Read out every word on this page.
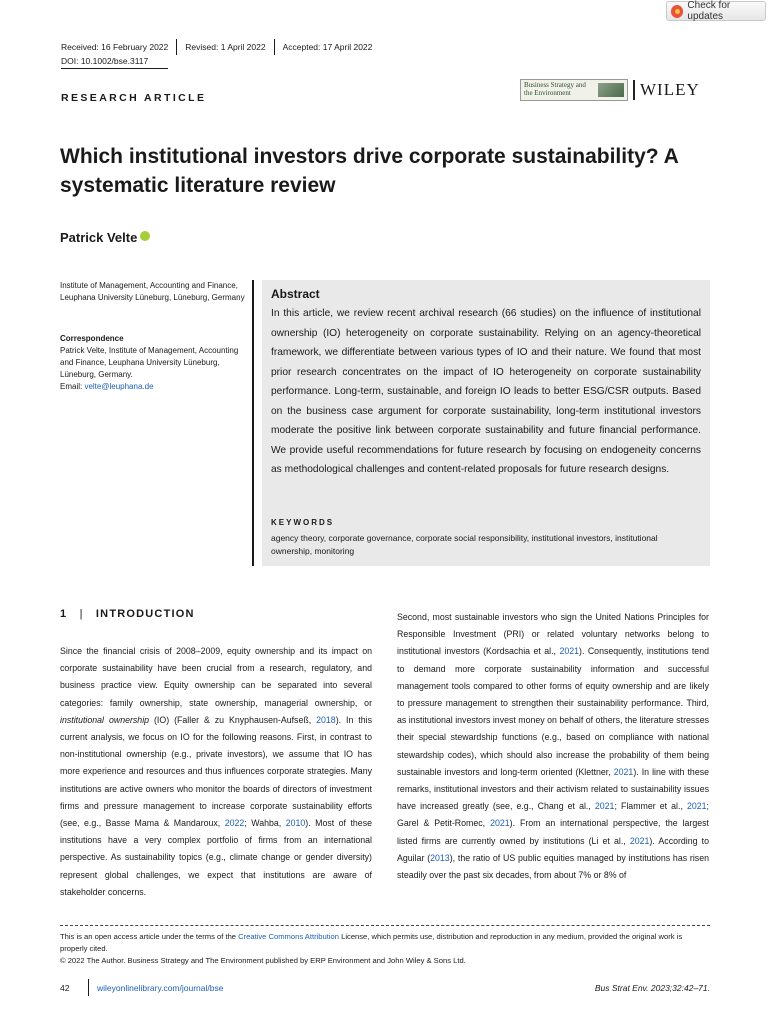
Check for updates
Received: 16 February 2022 Revised: 1 April 2022 Accepted: 17 April 2022
DOI: 10.1002/bse.3117
RESEARCH ARTICLE
Business Strategy and the Environment	WILEY
Which institutional investors drive corporate sustainability? A systematic literature review
Patrick Velte
Institute of Management, Accounting and Finance, Leuphana University Lüneburg, Lüneburg, Germany
Correspondence
Patrick Velte, Institute of Management, Accounting and Finance, Leuphana University Lüneburg, Lüneburg, Germany.
Email: velte@leuphana.de
Abstract
In this article, we review recent archival research (66 studies) on the influence of institutional ownership (IO) heterogeneity on corporate sustainability. Relying on an agency-theoretical framework, we differentiate between various types of IO and their nature. We found that most prior research concentrates on the impact of IO heterogeneity on corporate sustainability performance. Long-term, sustainable, and foreign IO leads to better ESG/CSR outputs. Based on the business case argument for corporate sustainability, long-term institutional investors moderate the positive link between corporate sustainability and future financial performance. We provide useful recommendations for future research by focusing on endogeneity concerns as methodological challenges and content-related proposals for future research designs.
KEYWORDS
agency theory, corporate governance, corporate social responsibility, institutional investors, institutional ownership, monitoring
1 | INTRODUCTION
Since the financial crisis of 2008–2009, equity ownership and its impact on corporate sustainability have been crucial from a research, regulatory, and business practice view. Equity ownership can be separated into several categories: family ownership, state ownership, managerial ownership, or institutional ownership (IO) (Faller & zu Knyphausen-Aufseß, 2018). In this current analysis, we focus on IO for the following reasons. First, in contrast to non-institutional ownership (e.g., private investors), we assume that IO has more experience and resources and thus influences corporate strategies. Many institutions are active owners who monitor the boards of directors of investment firms and pressure management to increase corporate sustainability efforts (see, e.g., Basse Mama & Mandaroux, 2022; Wahba, 2010). Most of these institutions have a very complex portfolio of firms from an international perspective. As sustainability topics (e.g., climate change or gender diversity) represent global challenges, we expect that institutions are aware of stakeholder concerns.
Second, most sustainable investors who sign the United Nations Principles for Responsible Investment (PRI) or related voluntary networks belong to institutional investors (Kordsachia et al., 2021). Consequently, institutions tend to demand more corporate sustainability information and successful management tools compared to other forms of equity ownership and are likely to pressure management to strengthen their sustainability performance. Third, as institutional investors invest money on behalf of others, the literature stresses their special stewardship functions (e.g., based on compliance with national stewardship codes), which should also increase the probability of them being sustainable investors and long-term oriented (Klettner, 2021). In line with these remarks, institutional investors and their activism related to sustainability issues have increased greatly (see, e.g., Chang et al., 2021; Flammer et al., 2021; Garel & Petit-Romec, 2021). From an international perspective, the largest listed firms are currently owned by institutions (Li et al., 2021). According to Aguilar (2013), the ratio of US public equities managed by institutions has risen steadily over the past six decades, from about 7% or 8% of
This is an open access article under the terms of the Creative Commons Attribution License, which permits use, distribution and reproduction in any medium, provided the original work is properly cited.
© 2022 The Author. Business Strategy and The Environment published by ERP Environment and John Wiley & Sons Ltd.
42	wileyonlinelibrary.com/journal/bse	Bus Strat Env. 2023;32:42–71.
